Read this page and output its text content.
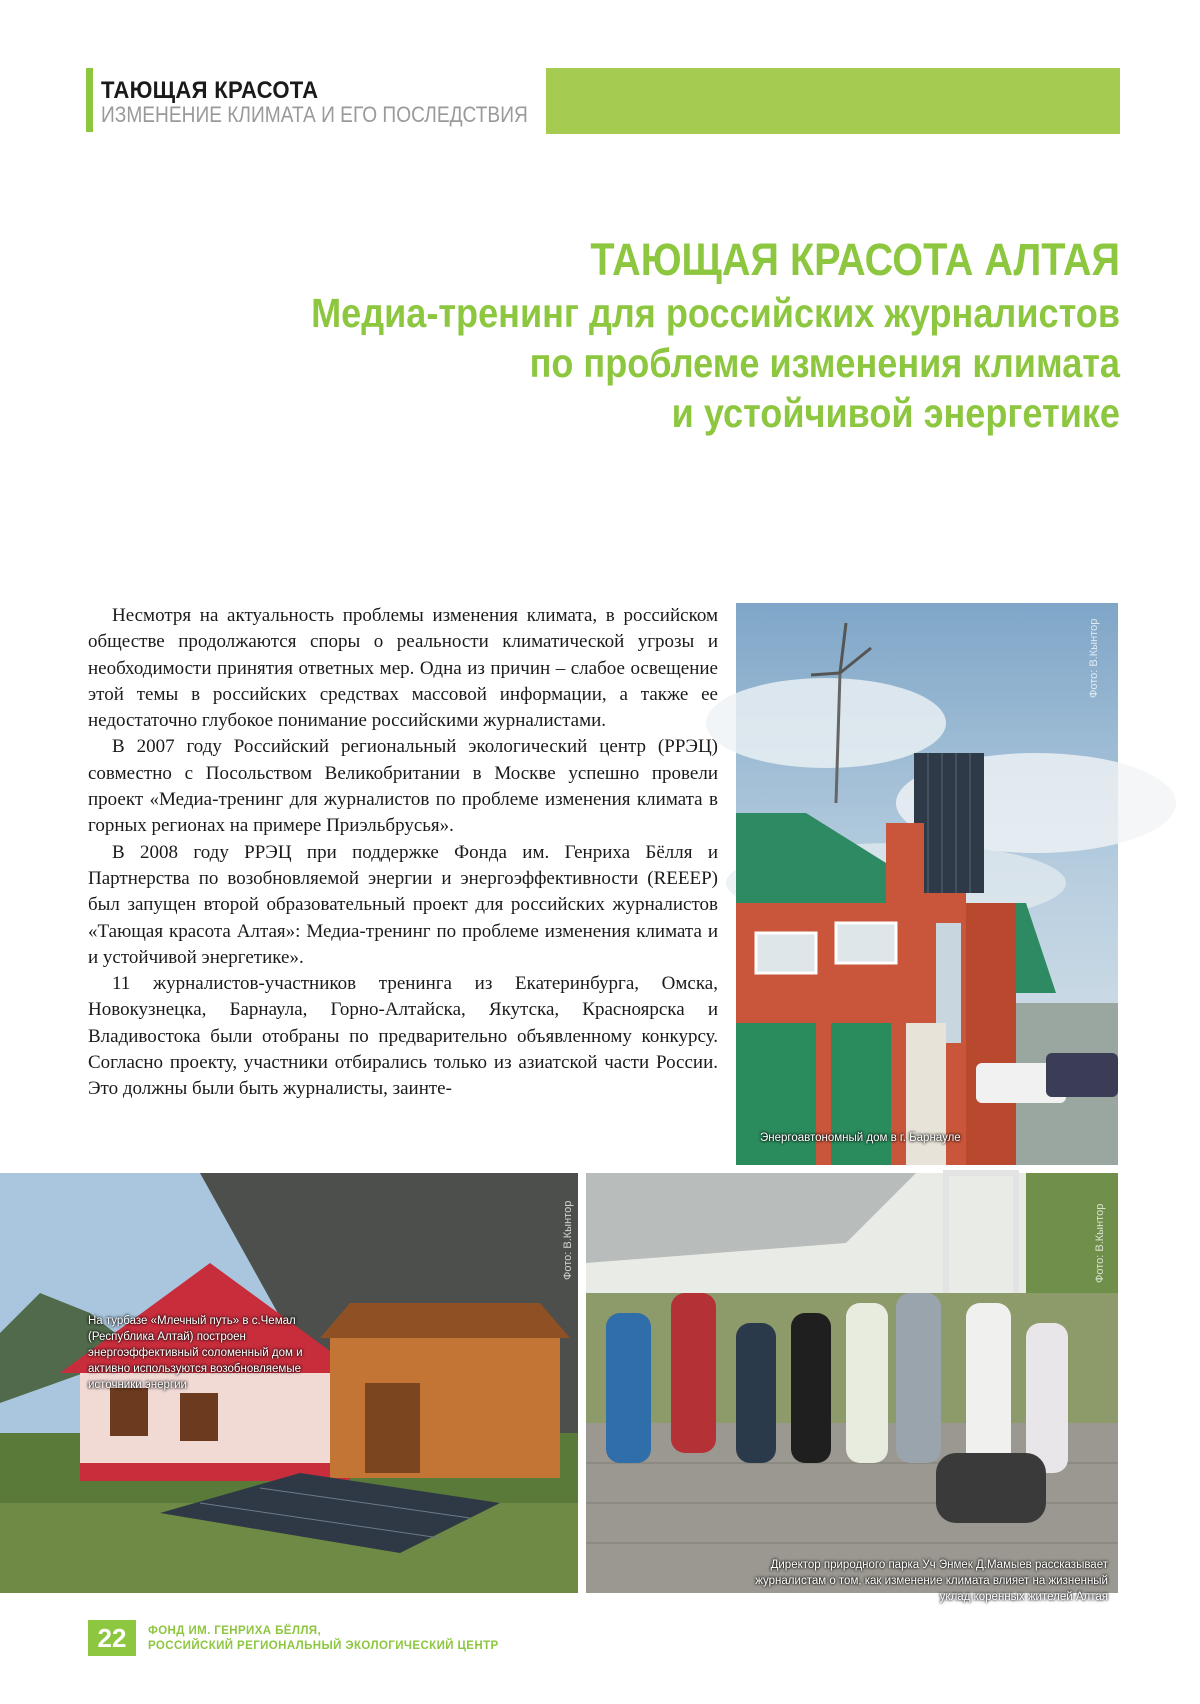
ТАЮЩАЯ КРАСОТА
ИЗМЕНЕНИЕ КЛИМАТА И ЕГО ПОСЛЕДСТВИЯ
ТАЮЩАЯ КРАСОТА АЛТАЯ
Медиа-тренинг для российских журналистов
по проблеме изменения климата
и устойчивой энергетике

Несмотря на актуальность проблемы изменения климата, в российском обществе продолжаются споры о реальности климатической угрозы и необходимости принятия ответных мер. Одна из причин – слабое освещение этой темы в российских средствах массовой информации, а также ее недостаточно глубокое понимание российскими журналистами.

В 2007 году Российский региональный экологический центр (РРЭЦ) совместно с Посольством Великобритании в Москве успешно провели проект «Медиа-тренинг для журналистов по проблеме изменения климата в горных регионах на примере Приэльбрусья».

В 2008 году РРЭЦ при поддержке Фонда им. Генриха Бёлля и Партнерства по возобновляемой энергии и энергоэффективности (REEEP) был запущен второй образовательный проект для российских журналистов «Тающая красота Алтая»: Медиа-тренинг по проблеме изменения климата и и устойчивой энергетике».

11 журналистов-участников тренинга из Екатеринбурга, Омска, Новокузнецка, Барнаула, Горно-Алтайска, Якутска, Красноярска и Владивостока были отобраны по предварительно объявленному конкурсу. Согласно проекту, участники отбирались только из азиатской части России. Это должны были быть журналисты, заинте-

Фото: В.Кынтор
Энергоавтономный дом в г. Барнауле
Фото: В.Кынтор
На турбазе «Млечный путь» в с.Чемал (Республика Алтай) построен энергоэффективный соломенный дом и активно используются возобновляемые источники энергии
Фото: В.Кынтор
Директор природного парка Уч Энмек Д.Мамыев рассказывает журналистам о том, как изменение климата влияет на жизненный уклад коренных жителей Алтая
22	ФОНД ИМ. ГЕНРИХА БЁЛЛЯ,
РОССИЙСКИЙ РЕГИОНАЛЬНЫЙ ЭКОЛОГИЧЕСКИЙ ЦЕНТР
